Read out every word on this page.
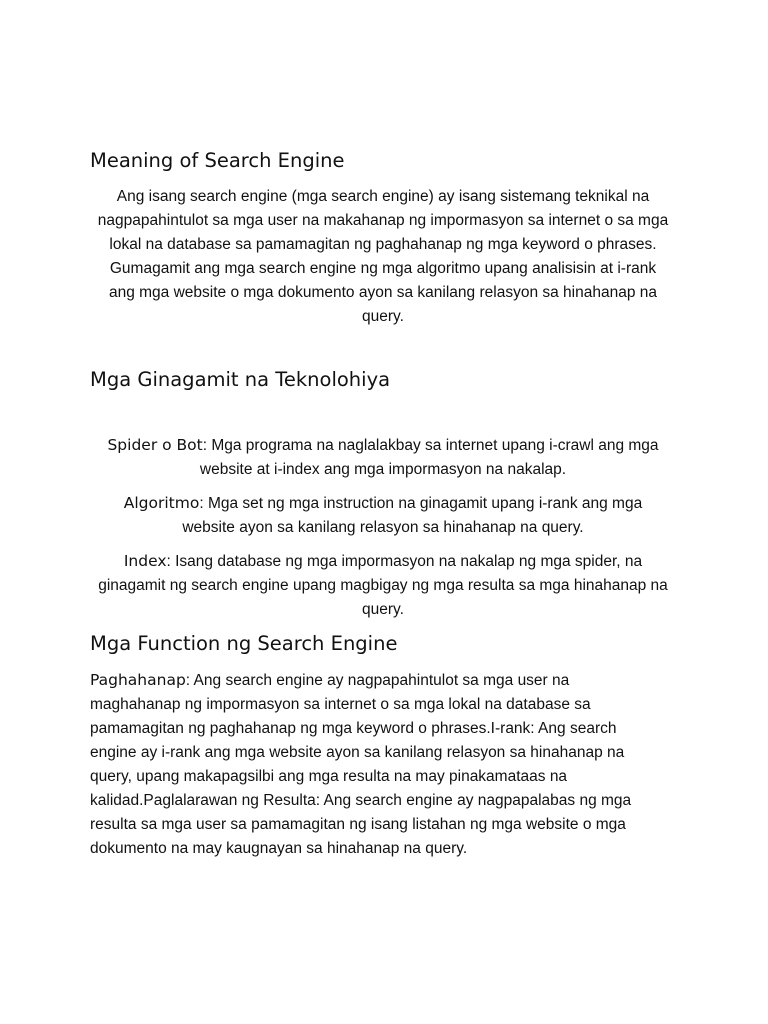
Meaning of Search Engine
Ang isang search engine (mga search engine) ay isang sistemang teknikal na
nagpapahintulot sa mga user na makahanap ng impormasyon sa internet o sa mga
lokal na database sa pamamagitan ng paghahanap ng mga keyword o phrases.
Gumagamit ang mga search engine ng mga algoritmo upang analisisin at i-rank
ang mga website o mga dokumento ayon sa kanilang relasyon sa hinahanap na
query.
Mga Ginagamit na Teknolohiya
Spider o Bot: Mga programa na naglalakbay sa internet upang i-crawl ang mga
website at i-index ang mga impormasyon na nakalap.
Algoritmo: Mga set ng mga instruction na ginagamit upang i-rank ang mga
website ayon sa kanilang relasyon sa hinahanap na query.
Index: Isang database ng mga impormasyon na nakalap ng mga spider, na
ginagamit ng search engine upang magbigay ng mga resulta sa mga hinahanap na
query.
Mga Function ng Search Engine
Paghahanap: Ang search engine ay nagpapahintulot sa mga user na
maghahanap ng impormasyon sa internet o sa mga lokal na database sa
pamamagitan ng paghahanap ng mga keyword o phrases.I-rank: Ang search
engine ay i-rank ang mga website ayon sa kanilang relasyon sa hinahanap na
query, upang makapagsilbi ang mga resulta na may pinakamataas na
kalidad.Paglalarawan ng Resulta: Ang search engine ay nagpapalabas ng mga
resulta sa mga user sa pamamagitan ng isang listahan ng mga website o mga
dokumento na may kaugnayan sa hinahanap na query.
